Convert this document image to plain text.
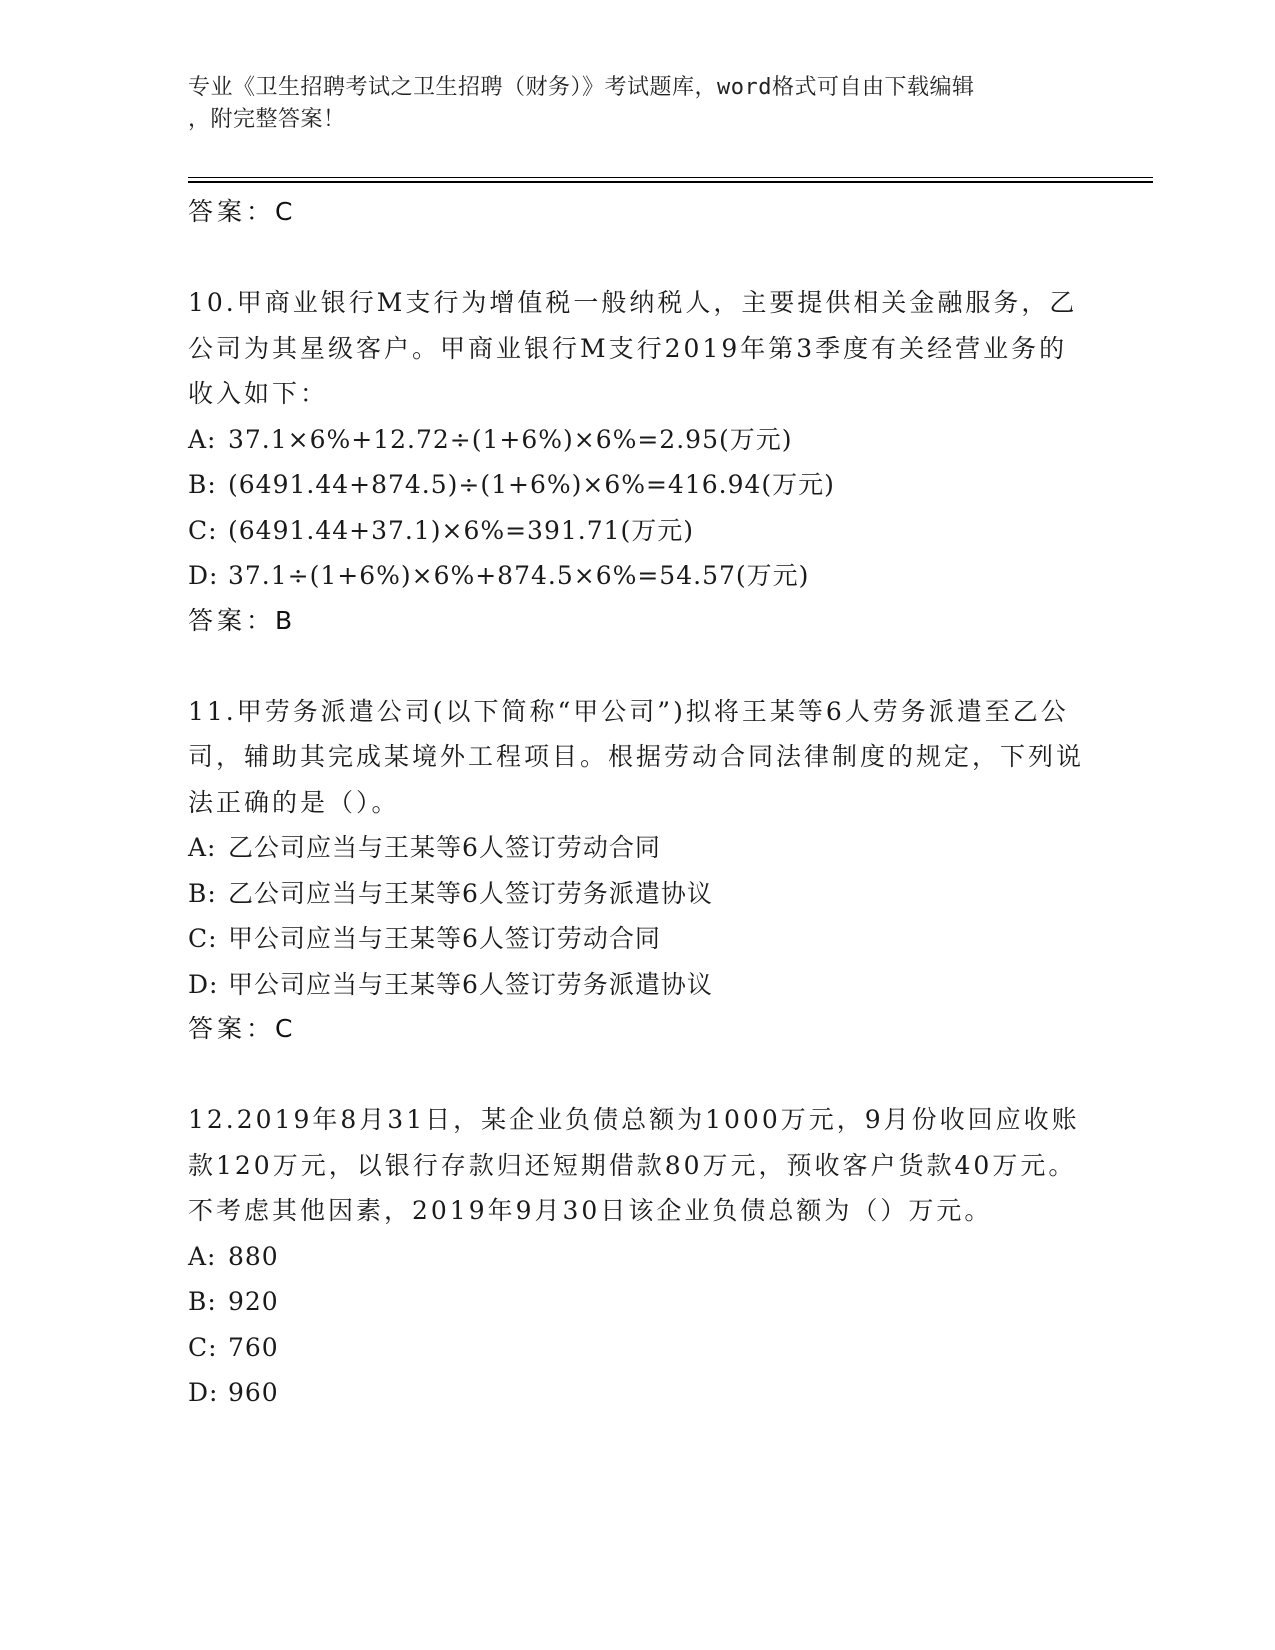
专业《卫生招聘考试之卫生招聘（财务）》考试题库，word格式可自由下载编辑
，附完整答案！
答案：C
10.甲商业银行M支行为增值税一般纳税人，主要提供相关金融服务，乙公司为其星级客户。甲商业银行M支行2019年第3季度有关经营业务的收入如下：
A: 37.1×6%+12.72÷(1+6%)×6%=2.95(万元)
B: (6491.44+874.5)÷(1+6%)×6%=416.94(万元)
C: (6491.44+37.1)×6%=391.71(万元)
D: 37.1÷(1+6%)×6%+874.5×6%=54.57(万元)
答案：B
11.甲劳务派遣公司(以下简称“甲公司”)拟将王某等6人劳务派遣至乙公司，辅助其完成某境外工程项目。根据劳动合同法律制度的规定，下列说法正确的是（）。
A: 乙公司应当与王某等6人签订劳动合同
B: 乙公司应当与王某等6人签订劳务派遣协议
C: 甲公司应当与王某等6人签订劳动合同
D: 甲公司应当与王某等6人签订劳务派遣协议
答案：C
12.2019年8月31日，某企业负债总额为1000万元，9月份收回应收账款120万元，以银行存款归还短期借款80万元，预收客户货款40万元。不考虑其他因素，2019年9月30日该企业负债总额为（）万元。
A: 880
B: 920
C: 760
D: 960
